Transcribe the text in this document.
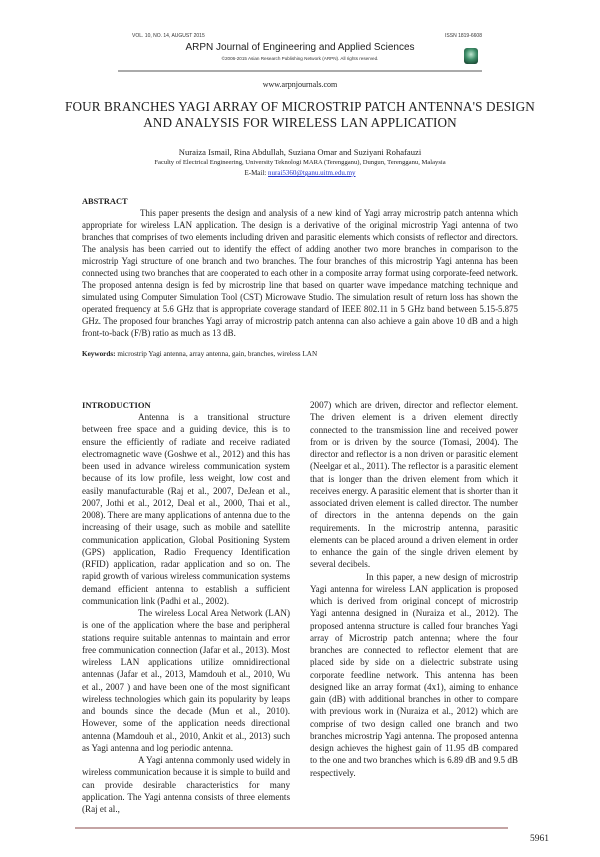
VOL. 10, NO. 14, AUGUST 2015	ISSN 1819-6608
ARPN Journal of Engineering and Applied Sciences
©2006-2015 Asian Research Publishing Network (ARPN). All rights reserved.
www.arpnjournals.com
FOUR BRANCHES YAGI ARRAY OF MICROSTRIP PATCH ANTENNA'S DESIGN AND ANALYSIS FOR WIRELESS LAN APPLICATION
Nuraiza Ismail, Rina Abdullah, Suziana Omar and Suziyani Rohafauzi
Faculty of Electrical Engineering, University Teknologi MARA (Terengganu), Dungun, Terengganu, Malaysia
E-Mail: nurai5360@tganu.uitm.edu.my
ABSTRACT

This paper presents the design and analysis of a new kind of Yagi array microstrip patch antenna which appropriate for wireless LAN application. The design is a derivative of the original microstrip Yagi antenna of two branches that comprises of two elements including driven and parasitic elements which consists of reflector and directors. The analysis has been carried out to identify the effect of adding another two more branches in comparison to the microstrip Yagi structure of one branch and two branches. The four branches of this microstrip Yagi antenna has been connected using two branches that are cooperated to each other in a composite array format using corporate-feed network. The proposed antenna design is fed by microstrip line that based on quarter wave impedance matching technique and simulated using Computer Simulation Tool (CST) Microwave Studio. The simulation result of return loss has shown the operated frequency at 5.6 GHz that is appropriate coverage standard of IEEE 802.11 in 5 GHz band between 5.15-5.875 GHz. The proposed four branches Yagi array of microstrip patch antenna can also achieve a gain above 10 dB and a high front-to-back (F/B) ratio as much as 13 dB.

Keywords: microstrip Yagi antenna, array antenna, gain, branches, wireless LAN
INTRODUCTION

Antenna is a transitional structure between free space and a guiding device, this is to ensure the efficiently of radiate and receive radiated electromagnetic wave (Goshwe et al., 2012) and this has been used in advance wireless communication system because of its low profile, less weight, low cost and easily manufacturable (Raj et al., 2007, DeJean et al., 2007, Jothi et al., 2012, Deal et al., 2000, Thai et al., 2008). There are many applications of antenna due to the increasing of their usage, such as mobile and satellite communication application, Global Positioning System (GPS) application, Radio Frequency Identification (RFID) application, radar application and so on. The rapid growth of various wireless communication systems demand efficient antenna to establish a sufficient communication link (Padhi et al., 2002).

The wireless Local Area Network (LAN) is one of the application where the base and peripheral stations require suitable antennas to maintain and error free communication connection (Jafar et al., 2013). Most wireless LAN applications utilize omnidirectional antennas (Jafar et al., 2013, Mamdouh et al., 2010, Wu et al., 2007 ) and have been one of the most significant wireless technologies which gain its popularity by leaps and bounds since the decade (Mun et al., 2010). However, some of the application needs directional antenna (Mamdouh et al., 2010, Ankit et al., 2013) such as Yagi antenna and log periodic antenna.

A Yagi antenna commonly used widely in wireless communication because it is simple to build and can provide desirable characteristics for many application. The Yagi antenna consists of three elements (Raj et al.,

2007) which are driven, director and reflector element. The driven element is a driven element directly connected to the transmission line and received power from or is driven by the source (Tomasi, 2004). The director and reflector is a non driven or parasitic element (Neelgar et al., 2011). The reflector is a parasitic element that is longer than the driven element from which it receives energy. A parasitic element that is shorter than it associated driven element is called director. The number of directors in the antenna depends on the gain requirements. In the microstrip antenna, parasitic elements can be placed around a driven element in order to enhance the gain of the single driven element by several decibels.

In this paper, a new design of microstrip Yagi antenna for wireless LAN application is proposed which is derived from original concept of microstrip Yagi antenna designed in (Nuraiza et al., 2012). The proposed antenna structure is called four branches Yagi array of Microstrip patch antenna; where the four branches are connected to reflector element that are placed side by side on a dielectric substrate using corporate feedline network. This antenna has been designed like an array format (4x1), aiming to enhance gain (dB) with additional branches in other to compare with previous work in (Nuraiza et al., 2012) which are comprise of two design called one branch and two branches microstrip Yagi antenna. The proposed antenna design achieves the highest gain of 11.95 dB compared to the one and two branches which is 6.89 dB and 9.5 dB respectively.

5961
